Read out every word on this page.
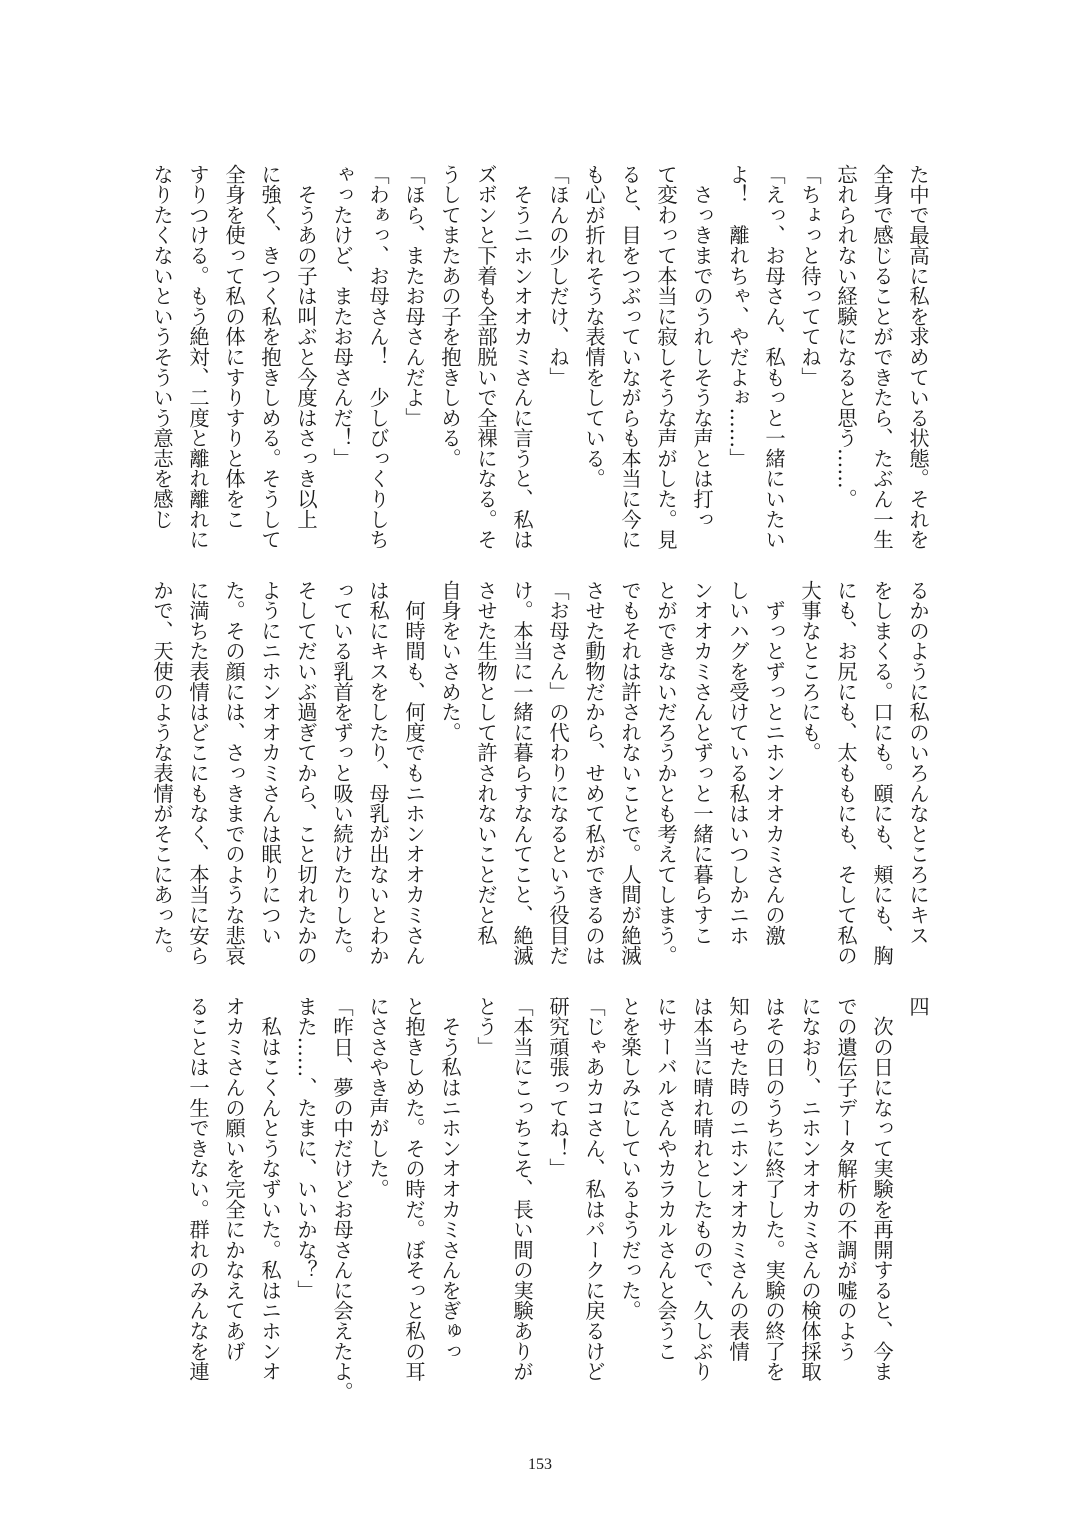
た中で最高に私を求めている状態。それを
全身で感じることができたら、たぶん一生
忘れられない経験になると思う……。
「ちょっと待っててね」
「えっ、お母さん、私もっと一緒にいたい
よ！　離れちゃ、やだよぉ……」
　さっきまでのうれしそうな声とは打っ
て変わって本当に寂しそうな声がした。見
ると、目をつぶっていながらも本当に今に
も心が折れそうな表情をしている。
「ほんの少しだけ、ね」
　そうニホンオオカミさんに言うと、私は
ズボンと下着も全部脱いで全裸になる。そ
うしてまたあの子を抱きしめる。
「ほら、またお母さんだよ」
「わぁっ、お母さん！　少しびっくりしち
ゃったけど、またお母さんだ！」
　そうあの子は叫ぶと今度はさっき以上
に強く、きつく私を抱きしめる。そうして
全身を使って私の体にすりすりと体をこ
すりつける。もう絶対、二度と離れ離れに
なりたくないというそういう意志を感じ
るかのように私のいろんなところにキス
をしまくる。口にも。頤にも、頬にも、胸
にも、お尻にも、太ももにも、そして私の
大事なところにも。
　ずっとずっとニホンオオカミさんの激
しいハグを受けている私はいつしかニホ
ンオオカミさんとずっと一緒に暮らすこ
とができないだろうかとも考えてしまう。
でもそれは許されないことで。人間が絶滅
させた動物だから、せめて私ができるのは
「お母さん」の代わりになるという役目だ
け。本当に一緒に暮らすなんてこと、絶滅
させた生物として許されないことだと私
自身をいさめた。
　何時間も、何度でもニホンオオカミさん
は私にキスをしたり、母乳が出ないとわか
っている乳首をずっと吸い続けたりした。
そしてだいぶ過ぎてから、こと切れたかの
ようにニホンオオカミさんは眠りについ
た。その顔には、さっきまでのような悲哀
に満ちた表情はどこにもなく、本当に安ら
かで、天使のような表情がそこにあった。
四
　次の日になって実験を再開すると、今ま
での遺伝子データ解析の不調が嘘のよう
になおり、ニホンオオカミさんの検体採取
はその日のうちに終了した。実験の終了を
知らせた時のニホンオオカミさんの表情
は本当に晴れ晴れとしたもので、久しぶり
にサーバルさんやカラカルさんと会うこ
とを楽しみにしているようだった。
「じゃあカコさん、私はパークに戻るけど
研究頑張ってね！」
「本当にこっちこそ、長い間の実験ありが
とう」
　そう私はニホンオオカミさんをぎゅっ
と抱きしめた。その時だ。ぼそっと私の耳
にささやき声がした。
「昨日、夢の中だけどお母さんに会えたよ。
また……、たまに、いいかな？」
　私はこくんとうなずいた。私はニホンオ
オカミさんの願いを完全にかなえてあげ
ることは一生できない。群れのみんなを連
153
